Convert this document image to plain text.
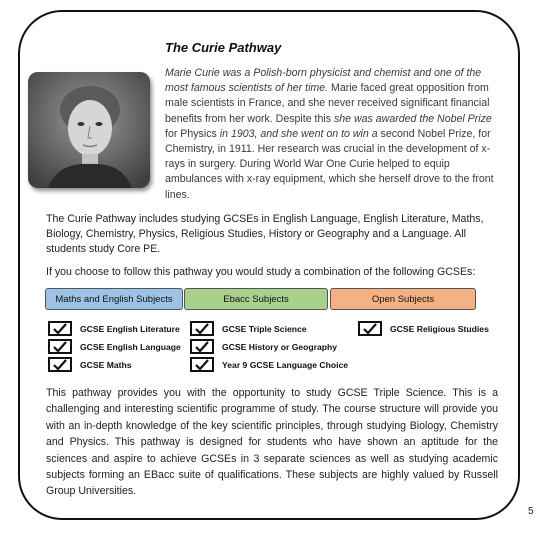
The Curie Pathway

Marie Curie was a Polish-born physicist and chemist and one of the most famous scientists of her time. Marie faced great opposition from male scientists in France, and she never received significant financial benefits from her work. Despite this she was awarded the Nobel Prize for Physics in 1903, and she went on to win a second Nobel Prize, for Chemistry, in 1911. Her research was crucial in the development of x-rays in surgery. During World War One Curie helped to equip ambulances with x-ray equipment, which she herself drove to the front lines.

The Curie Pathway includes studying GCSEs in English Language, English Literature, Maths, Biology, Chemistry, Physics, Religious Studies, History or Geography and a Language. All students study Core PE.

If you choose to follow this pathway you would study a combination of the following GCSEs:

Maths and English Subjects	Ebacc Subjects	Open Subjects
GCSE English Literature
GCSE English Language
GCSE Maths
GCSE Triple Science
GCSE History or Geography
Year 9 GCSE Language Choice
GCSE Religious Studies

This pathway provides you with the opportunity to study GCSE Triple Science. This is a challenging and interesting scientific programme of study. The course structure will provide you with an in-depth knowledge of the key scientific principles, through studying Biology, Chemistry and Physics. This pathway is designed for students who have shown an aptitude for the sciences and aspire to achieve GCSEs in 3 separate sciences as well as studying academic subjects forming an EBacc suite of qualifications. These subjects are highly valued by Russell Group Universities.

5
